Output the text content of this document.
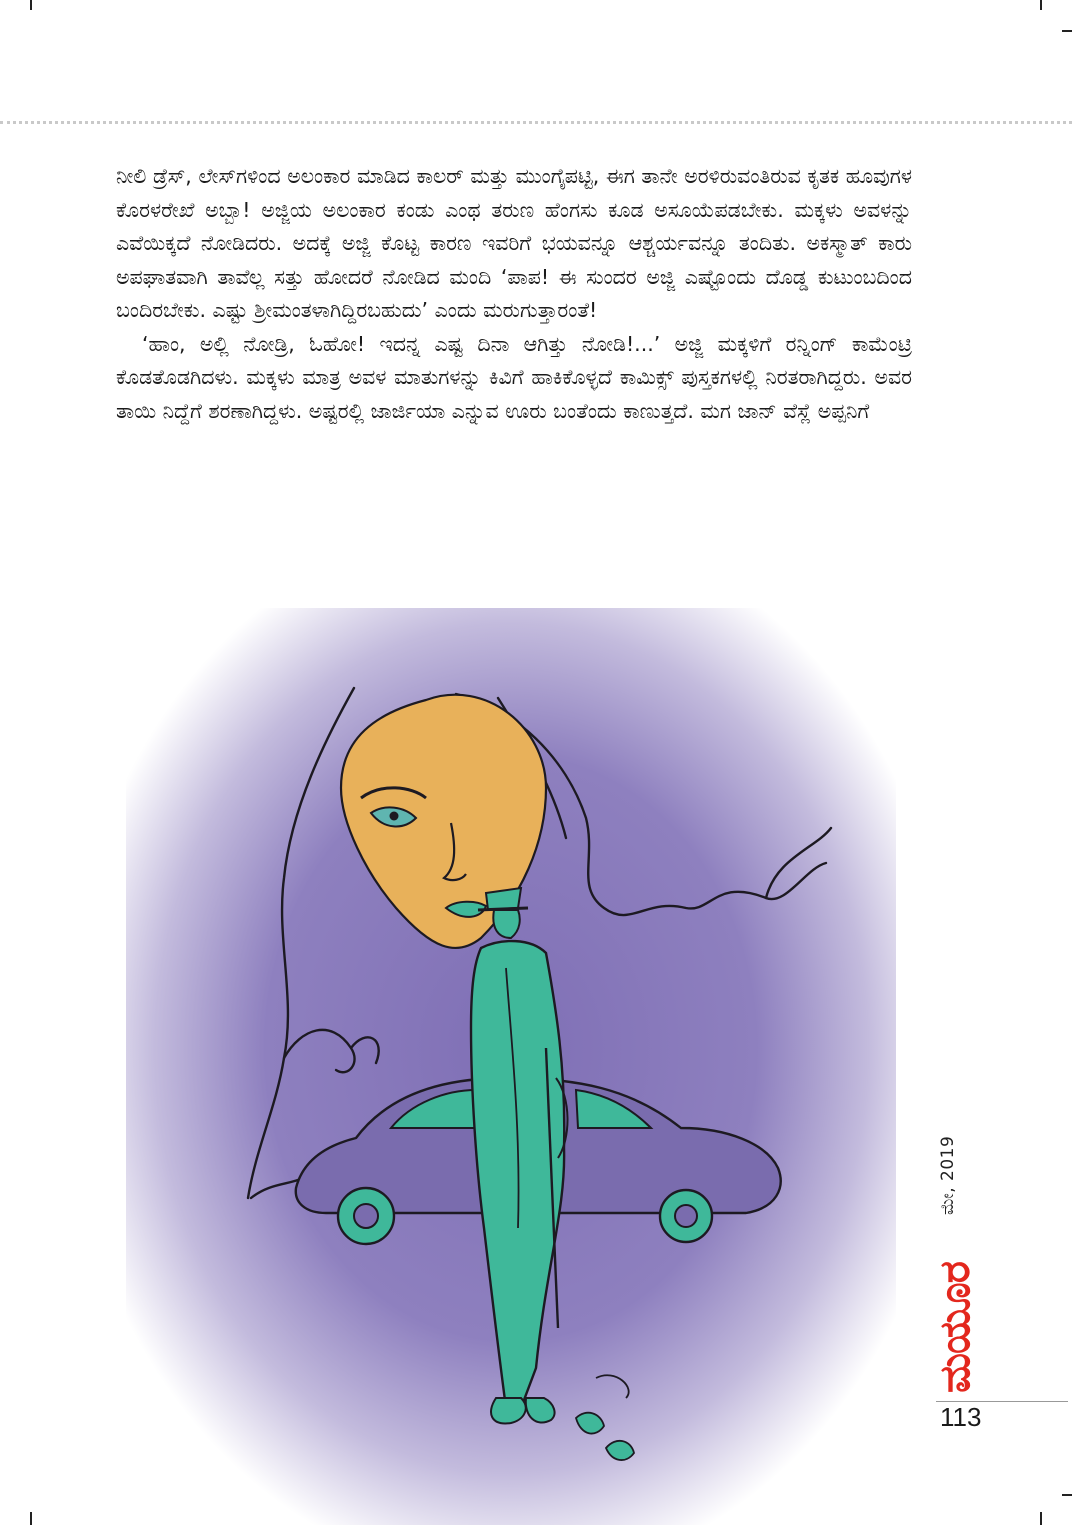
ನೀಲಿ ಡ್ರೆಸ್, ಲೇಸ್‌ಗಳಿಂದ ಅಲಂಕಾರ ಮಾಡಿದ ಕಾಲರ್ ಮತ್ತು ಮುಂಗೈಪಟ್ಟಿ, ಈಗ ತಾನೇ ಅರಳಿರುವಂತಿರುವ ಕೃತಕ ಹೂವುಗಳ ಕೊರಳರೇಖೆ ಅಬ್ಬಾ! ಅಜ್ಜಿಯ ಅಲಂಕಾರ ಕಂಡು ಎಂಥ ತರುಣ ಹೆಂಗಸು ಕೂಡ ಅಸೂಯೆಪಡಬೇಕು. ಮಕ್ಕಳು ಅವಳನ್ನು ಎವೆಯಿಕ್ಕದೆ ನೋಡಿದರು. ಅದಕ್ಕೆ ಅಜ್ಜಿ ಕೊಟ್ಟ ಕಾರಣ ಇವರಿಗೆ ಭಯವನ್ನೂ ಆಶ್ಚರ್ಯವನ್ನೂ ತಂದಿತು. ಅಕಸ್ಮಾತ್ ಕಾರು ಅಪಘಾತವಾಗಿ ತಾವೆಲ್ಲ ಸತ್ತು ಹೋದರೆ ನೋಡಿದ ಮಂದಿ ‘ಪಾಪ! ಈ ಸುಂದರ ಅಜ್ಜಿ ಎಷ್ಟೊಂದು ದೊಡ್ಡ ಕುಟುಂಬದಿಂದ ಬಂದಿರಬೇಕು. ಎಷ್ಟು ಶ್ರೀಮಂತಳಾಗಿದ್ದಿರಬಹುದು’ ಎಂದು ಮರುಗುತ್ತಾರಂತೆ!

‘ಹಾಂ, ಅಲ್ಲಿ ನೋಡ್ರಿ, ಓಹೋ! ಇದನ್ನ ಎಷ್ಟ ದಿನಾ ಆಗಿತ್ತು ನೋಡಿ!...’ ಅಜ್ಜಿ ಮಕ್ಕಳಿಗೆ ರನ್ನಿಂಗ್ ಕಾಮೆಂಟ್ರಿ ಕೊಡತೊಡಗಿದಳು. ಮಕ್ಕಳು ಮಾತ್ರ ಅವಳ ಮಾತುಗಳನ್ನು ಕಿವಿಗೆ ಹಾಕಿಕೊಳ್ಳದೆ ಕಾಮಿಕ್ಸ್ ಪುಸ್ತಕಗಳಲ್ಲಿ ನಿರತರಾಗಿದ್ದರು. ಅವರ ತಾಯಿ ನಿದ್ದೆಗೆ ಶರಣಾಗಿದ್ದಳು. ಅಷ್ಟರಲ್ಲಿ ಜಾರ್ಜಿಯಾ ಎನ್ನುವ ಊರು ಬಂತೆಂದು ಕಾಣುತ್ತದೆ. ಮಗ ಜಾನ್ ವೆಸ್ಲೆ ಅಪ್ಪನಿಗೆ

ಮೇ, 2019
ಮಯೂರ
113
